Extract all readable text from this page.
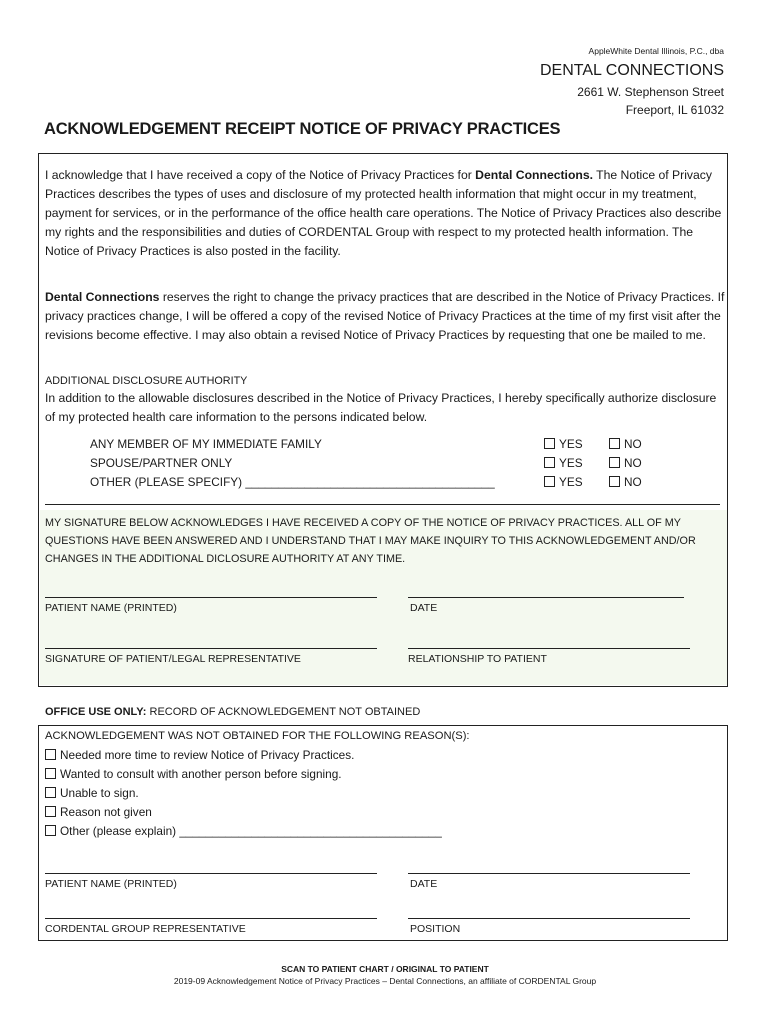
AppleWhite Dental Illinois, P.C., dba
DENTAL CONNECTIONS
2661 W. Stephenson Street
Freeport, IL 61032
ACKNOWLEDGEMENT RECEIPT NOTICE OF PRIVACY PRACTICES
I acknowledge that I have received a copy of the Notice of Privacy Practices for Dental Connections. The Notice of Privacy Practices describes the types of uses and disclosure of my protected health information that might occur in my treatment, payment for services, or in the performance of the office health care operations. The Notice of Privacy Practices also describe my rights and the responsibilities and duties of CORDENTAL Group with respect to my protected health information. The Notice of Privacy Practices is also posted in the facility.
Dental Connections reserves the right to change the privacy practices that are described in the Notice of Privacy Practices. If privacy practices change, I will be offered a copy of the revised Notice of Privacy Practices at the time of my first visit after the revisions become effective. I may also obtain a revised Notice of Privacy Practices by requesting that one be mailed to me.
ADDITIONAL DISCLOSURE AUTHORITY
In addition to the allowable disclosures described in the Notice of Privacy Practices, I hereby specifically authorize disclosure of my protected health care information to the persons indicated below.
ANY MEMBER OF MY IMMEDIATE FAMILY	YES	NO
SPOUSE/PARTNER ONLY	YES	NO
OTHER (PLEASE SPECIFY) ______________________________________	YES	NO
MY SIGNATURE BELOW ACKNOWLEDGES I HAVE RECEIVED A COPY OF THE NOTICE OF PRIVACY PRACTICES. ALL OF MY QUESTIONS HAVE BEEN ANSWERED AND I UNDERSTAND THAT I MAY MAKE INQUIRY TO THIS ACKNOWLEDGEMENT AND/OR CHANGES IN THE ADDITIONAL DICLOSURE AUTHORITY AT ANY TIME.
PATIENT NAME (PRINTED)	DATE
SIGNATURE OF PATIENT/LEGAL REPRESENTATIVE	RELATIONSHIP TO PATIENT
OFFICE USE ONLY: RECORD OF ACKNOWLEDGEMENT NOT OBTAINED
ACKNOWLEDGEMENT WAS NOT OBTAINED FOR THE FOLLOWING REASON(S):
Needed more time to review Notice of Privacy Practices.
Wanted to consult with another person before signing.
Unable to sign.
Reason not given
Other (please explain) ________________________________________
PATIENT NAME (PRINTED)	DATE
CORDENTAL GROUP REPRESENTATIVE	POSITION
SCAN TO PATIENT CHART / ORIGINAL TO PATIENT
2019-09 Acknowledgement Notice of Privacy Practices – Dental Connections, an affiliate of CORDENTAL Group
